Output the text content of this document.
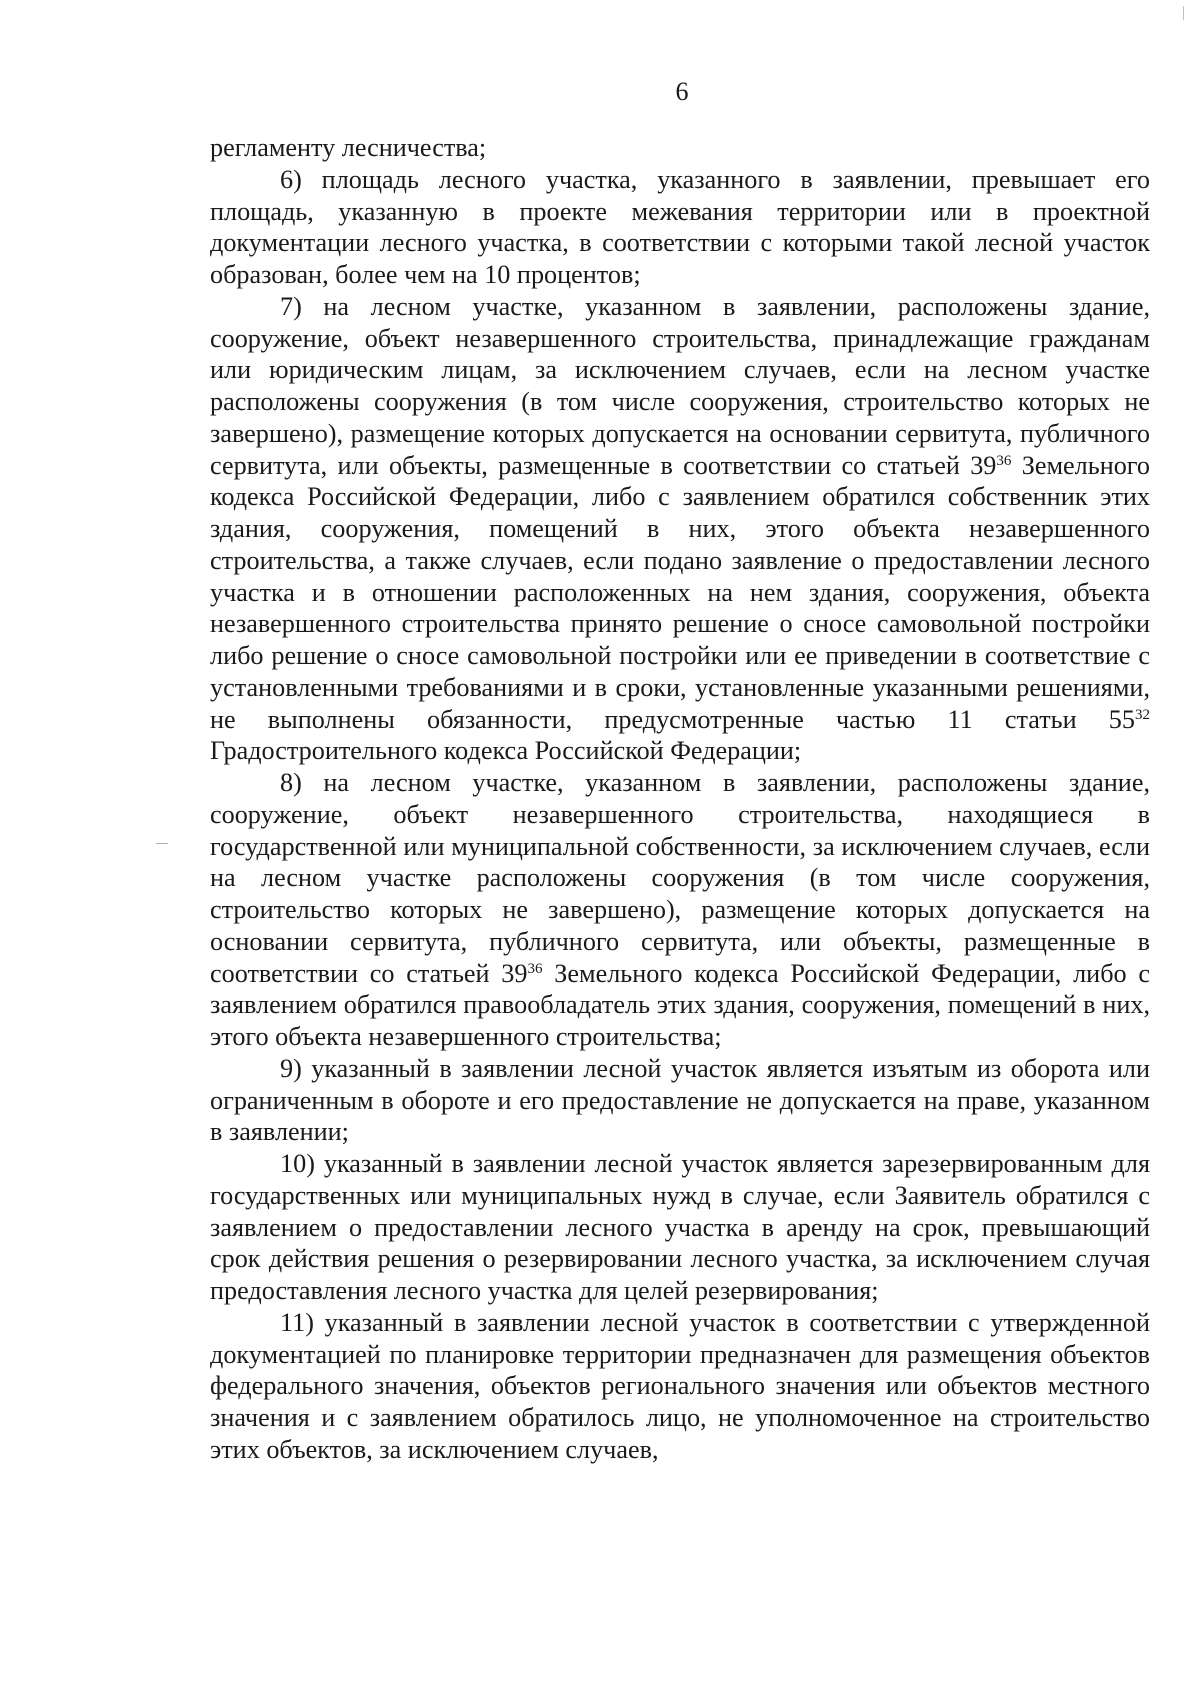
6

регламенту лесничества;

6) площадь лесного участка, указанного в заявлении, превышает его площадь, указанную в проекте межевания территории или в проектной документации лесного участка, в соответствии с которыми такой лесной участок образован, более чем на 10 процентов;

7) на лесном участке, указанном в заявлении, расположены здание, сооружение, объект незавершенного строительства, принадлежащие гражданам или юридическим лицам, за исключением случаев, если на лесном участке расположены сооружения (в том числе сооружения, строительство которых не завершено), размещение которых допускается на основании сервитута, публичного сервитута, или объекты, размещенные в соответствии со статьей $39^{36}$ Земельного кодекса Российской Федерации, либо с заявлением обратился собственник этих здания, сооружения, помещений в них, этого объекта незавершенного строительства, а также случаев, если подано заявление о предоставлении лесного участка и в отношении расположенных на нем здания, сооружения, объекта незавершенного строительства принято решение о сносе самовольной постройки либо решение о сносе самовольной постройки или ее приведении в соответствие с установленными требованиями и в сроки, установленные указанными решениями, не выполнены обязанности, предусмотренные частью 11 статьи $55^{32}$ Градостроительного кодекса Российской Федерации;

8) на лесном участке, указанном в заявлении, расположены здание, сооружение, объект незавершенного строительства, находящиеся в государственной или муниципальной собственности, за исключением случаев, если на лесном участке расположены сооружения (в том числе сооружения, строительство которых не завершено), размещение которых допускается на основании сервитута, публичного сервитута, или объекты, размещенные в соответствии со статьей $39^{36}$ Земельного кодекса Российской Федерации, либо с заявлением обратился правообладатель этих здания, сооружения, помещений в них, этого объекта незавершенного строительства;

9) указанный в заявлении лесной участок является изъятым из оборота или ограниченным в обороте и его предоставление не допускается на праве, указанном в заявлении;

10) указанный в заявлении лесной участок является зарезервированным для государственных или муниципальных нужд в случае, если Заявитель обратился с заявлением о предоставлении лесного участка в аренду на срок, превышающий срок действия решения о резервировании лесного участка, за исключением случая предоставления лесного участка для целей резервирования;

11) указанный в заявлении лесной участок в соответствии с утвержденной документацией по планировке территории предназначен для размещения объектов федерального значения, объектов регионального значения или объектов местного значения и с заявлением обратилось лицо, не уполномоченное на строительство этих объектов, за исключением случаев,
